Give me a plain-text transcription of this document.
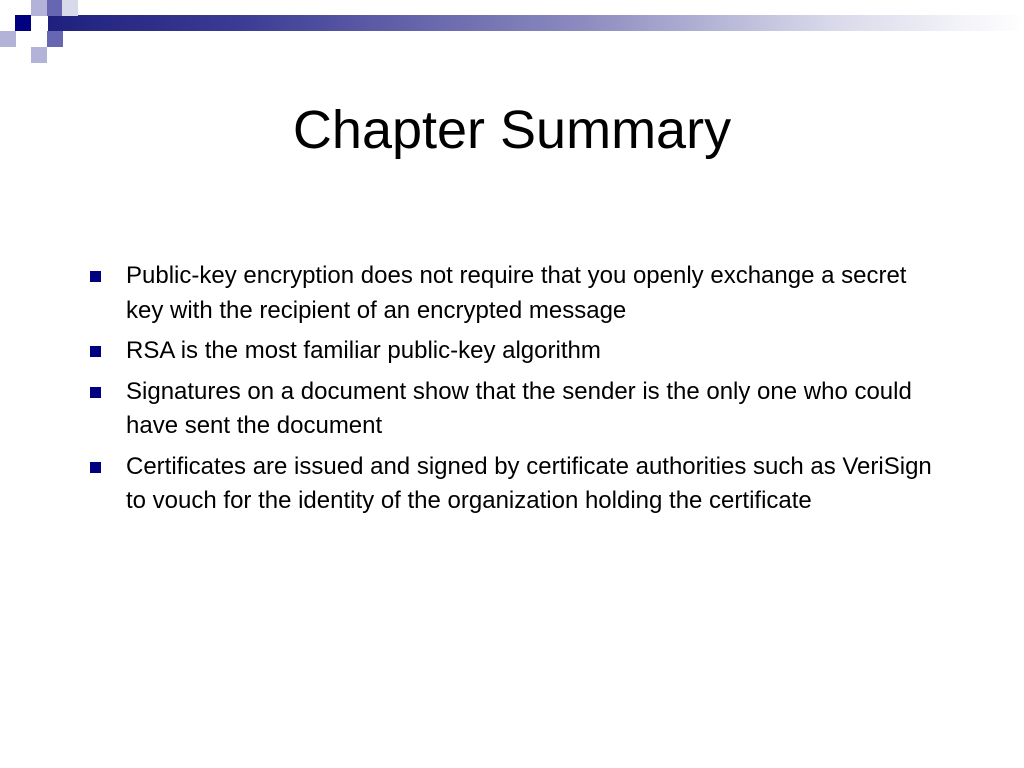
Chapter Summary
Public-key encryption does not require that you openly exchange a secret key with the recipient of an encrypted message
RSA is the most familiar public-key algorithm
Signatures on a document show that the sender is the only one who could have sent the document
Certificates are issued and signed by certificate authorities such as VeriSign to vouch for the identity of the organization holding the certificate
